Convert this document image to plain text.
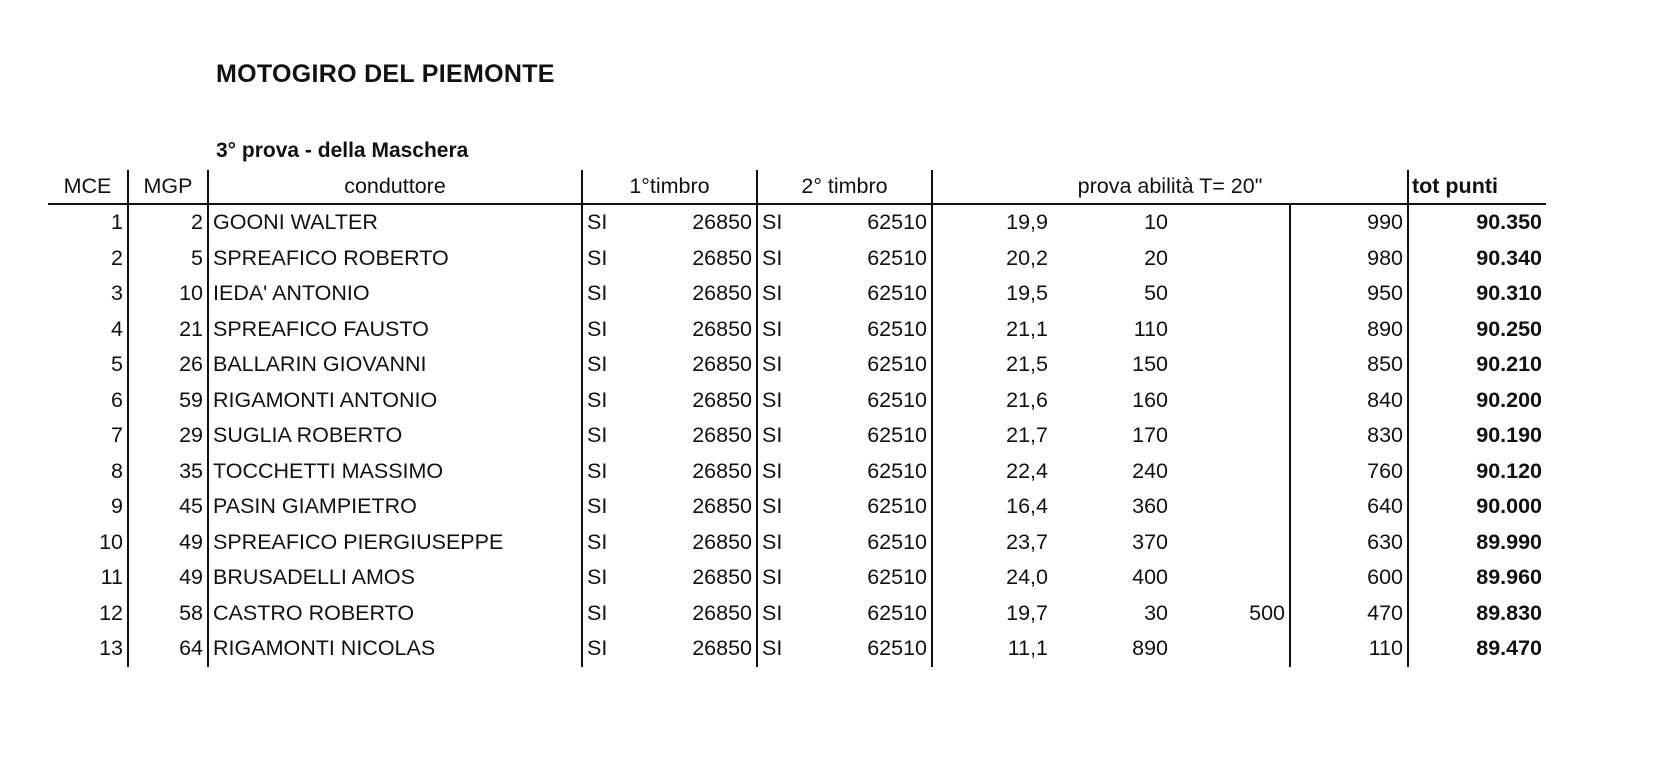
MOTOGIRO DEL PIEMONTE
3° prova - della Maschera
MCE	MGP	conduttore	1°timbro		2° timbro		prova abilità T= 20"				tot punti
1	2	GOONI WALTER	SI	26850	SI	62510	19,9	10		990	90.350
2	5	SPREAFICO ROBERTO	SI	26850	SI	62510	20,2	20		980	90.340
3	10	IEDA' ANTONIO	SI	26850	SI	62510	19,5	50		950	90.310
4	21	SPREAFICO FAUSTO	SI	26850	SI	62510	21,1	110		890	90.250
5	26	BALLARIN GIOVANNI	SI	26850	SI	62510	21,5	150		850	90.210
6	59	RIGAMONTI ANTONIO	SI	26850	SI	62510	21,6	160		840	90.200
7	29	SUGLIA ROBERTO	SI	26850	SI	62510	21,7	170		830	90.190
8	35	TOCCHETTI MASSIMO	SI	26850	SI	62510	22,4	240		760	90.120
9	45	PASIN GIAMPIETRO	SI	26850	SI	62510	16,4	360		640	90.000
10	49	SPREAFICO PIERGIUSEPPE	SI	26850	SI	62510	23,7	370		630	89.990
11	49	BRUSADELLI AMOS	SI	26850	SI	62510	24,0	400		600	89.960
12	58	CASTRO ROBERTO	SI	26850	SI	62510	19,7	30	500	470	89.830
13	64	RIGAMONTI NICOLAS	SI	26850	SI	62510	11,1	890		110	89.470
